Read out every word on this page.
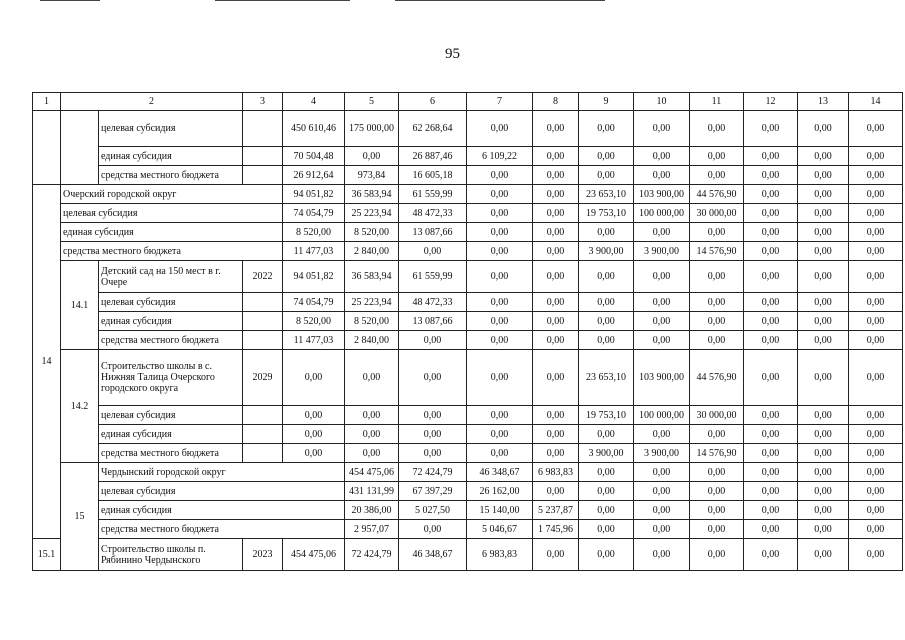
95
1	2		3	4	5	6	7	8	9	10	11	12	13	14	
		целевая субсидия		450 610,46	175 000,00	62 268,64	0,00	0,00	0,00	0,00	0,00	0,00	0,00	0,00	
		единая субсидия		70 504,48	0,00	26 887,46	6 109,22	0,00	0,00	0,00	0,00	0,00	0,00	0,00	
		средства местного бюджета		26 912,64	973,84	16 605,18	0,00	0,00	0,00	0,00	0,00	0,00	0,00	0,00	
14	Очерский городской округ			94 051,82	36 583,94	61 559,99	0,00	0,00	23 653,10	103 900,00	44 576,90	0,00	0,00	0,00	
	целевая субсидия			74 054,79	25 223,94	48 472,33	0,00	0,00	19 753,10	100 000,00	30 000,00	0,00	0,00	0,00	
	единая субсидия			8 520,00	8 520,00	13 087,66	0,00	0,00	0,00	0,00	0,00	0,00	0,00	0,00	
	средства местного бюджета			11 477,03	2 840,00	0,00	0,00	0,00	3 900,00	3 900,00	14 576,90	0,00	0,00	0,00	
	14.1	Детский сад на 150 мест в г. Очере	2022	94 051,82	36 583,94	61 559,99	0,00	0,00	0,00	0,00	0,00	0,00	0,00	0,00	
		целевая субсидия		74 054,79	25 223,94	48 472,33	0,00	0,00	0,00	0,00	0,00	0,00	0,00	0,00	
		единая субсидия		8 520,00	8 520,00	13 087,66	0,00	0,00	0,00	0,00	0,00	0,00	0,00	0,00	
		средства местного бюджета		11 477,03	2 840,00	0,00	0,00	0,00	0,00	0,00	0,00	0,00	0,00	0,00	
	14.2	Строительство школы в с. Нижняя Талица Очерского городского округа	2029	0,00	0,00	0,00	0,00	0,00	23 653,10	103 900,00	44 576,90	0,00	0,00	0,00	
		целевая субсидия		0,00	0,00	0,00	0,00	0,00	19 753,10	100 000,00	30 000,00	0,00	0,00	0,00	
		единая субсидия		0,00	0,00	0,00	0,00	0,00	0,00	0,00	0,00	0,00	0,00	0,00	
		средства местного бюджета		0,00	0,00	0,00	0,00	0,00	3 900,00	3 900,00	14 576,90	0,00	0,00	0,00	
	15	Чердынский городской округ			454 475,06	72 424,79	46 348,67	6 983,83	0,00	0,00	0,00	0,00	0,00	0,00	
		целевая субсидия			431 131,99	67 397,29	26 162,00	0,00	0,00	0,00	0,00	0,00	0,00	0,00	
		единая субсидия			20 386,00	5 027,50	15 140,00	5 237,87	0,00	0,00	0,00	0,00	0,00	0,00	
		средства местного бюджета			2 957,07	0,00	5 046,67	1 745,96	0,00	0,00	0,00	0,00	0,00	0,00	
15.1		Строительство школы п. Рябинино Чердынского	2023	454 475,06	72 424,79	46 348,67	6 983,83	0,00	0,00	0,00	0,00	0,00	0,00	0,00	
